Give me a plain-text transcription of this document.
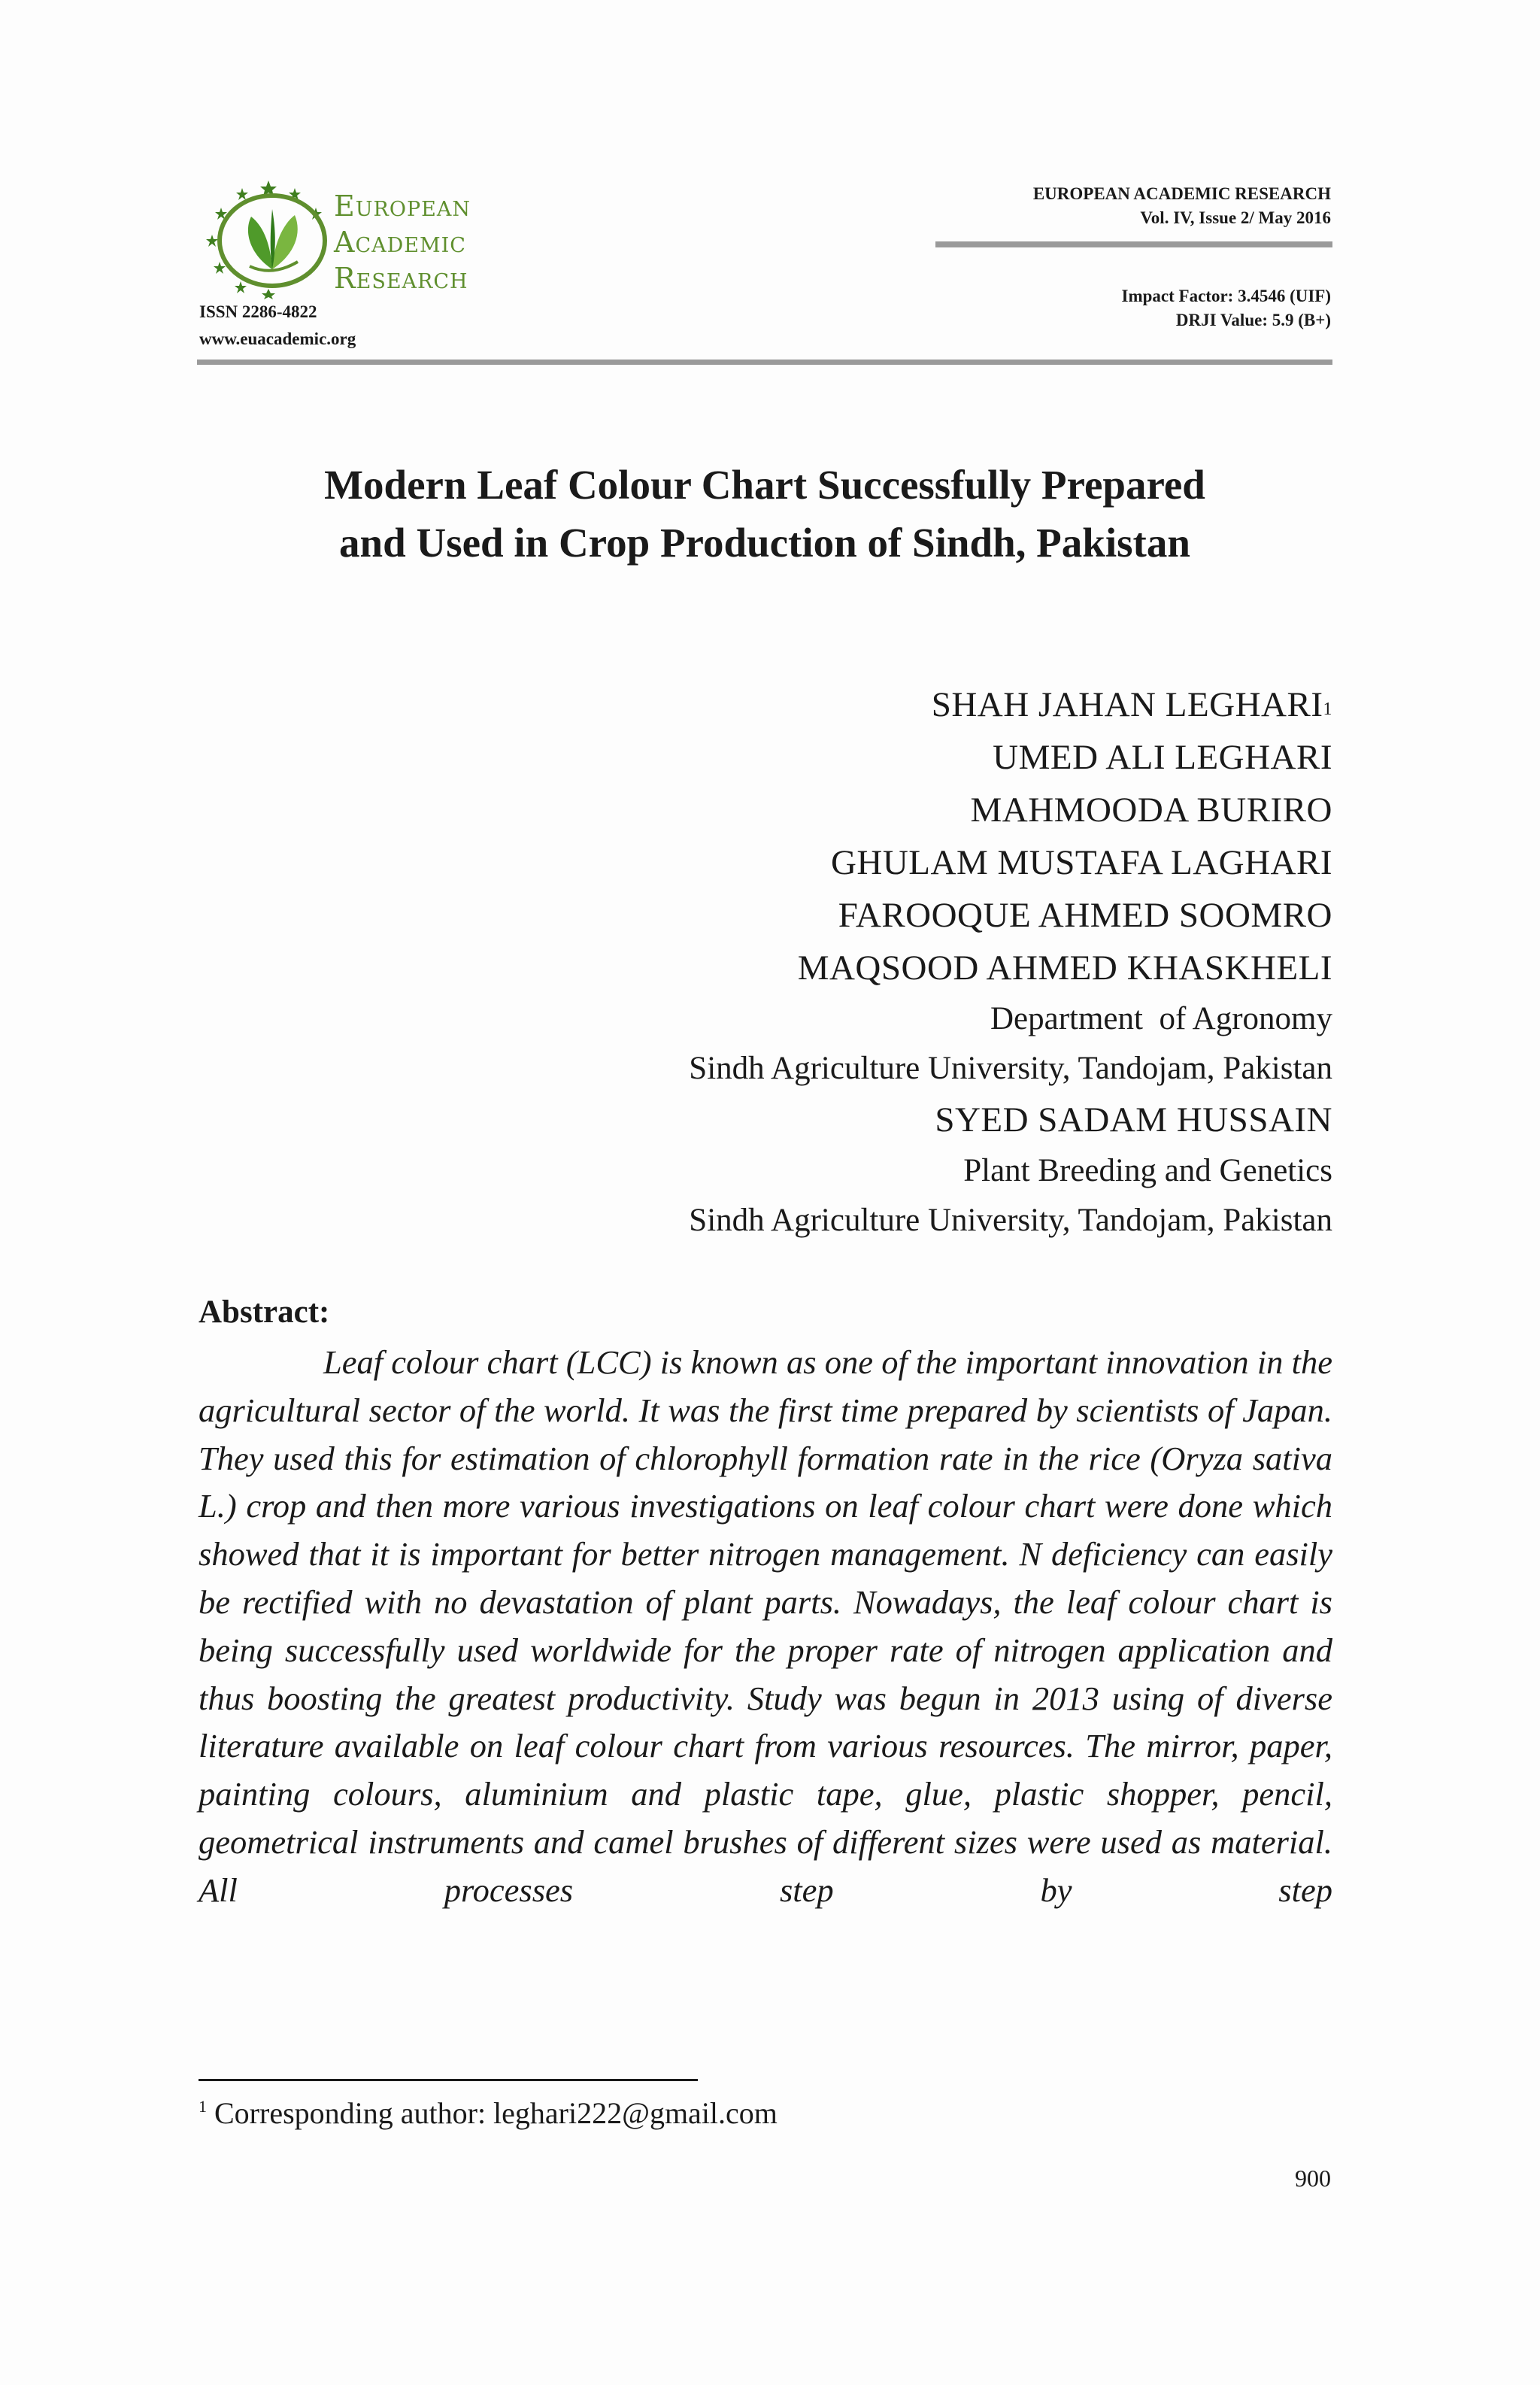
European
Academic
Research
ISSN 2286-4822
www.euacademic.org
EUROPEAN ACADEMIC RESEARCH
Vol. IV, Issue 2/ May 2016
Impact Factor: 3.4546 (UIF)
DRJI Value: 5.9 (B+)
Modern Leaf Colour Chart Successfully Prepared
and Used in Crop Production of Sindh, Pakistan
SHAH JAHAN LEGHARI$^1$
UMED ALI LEGHARI
MAHMOODA BURIRO
GHULAM MUSTAFA LAGHARI
FAROOQUE AHMED SOOMRO
MAQSOOD AHMED KHASKHELI
Department  of Agronomy
Sindh Agriculture University, Tandojam, Pakistan
SYED SADAM HUSSAIN
Plant Breeding and Genetics
Sindh Agriculture University, Tandojam, Pakistan
Abstract:
Leaf colour chart (LCC) is known as one of the important innovation in the agricultural sector of the world. It was the first time prepared by scientists of Japan. They used this for estimation of chlorophyll formation rate in the rice (Oryza sativa L.) crop and then more various investigations on leaf colour chart were done which showed that it is important for better nitrogen management. N deficiency can easily be rectified with no devastation of plant parts. Nowadays, the leaf colour chart is being successfully used worldwide for the proper rate of nitrogen application and thus boosting the greatest productivity. Study was begun in 2013 using of diverse literature available on leaf colour chart from various resources. The mirror, paper, painting colours, aluminium and plastic tape, glue, plastic shopper, pencil, geometrical instruments and camel brushes of different sizes were used as material. All processes step by step
$^1$ Corresponding author: leghari222@gmail.com
900
